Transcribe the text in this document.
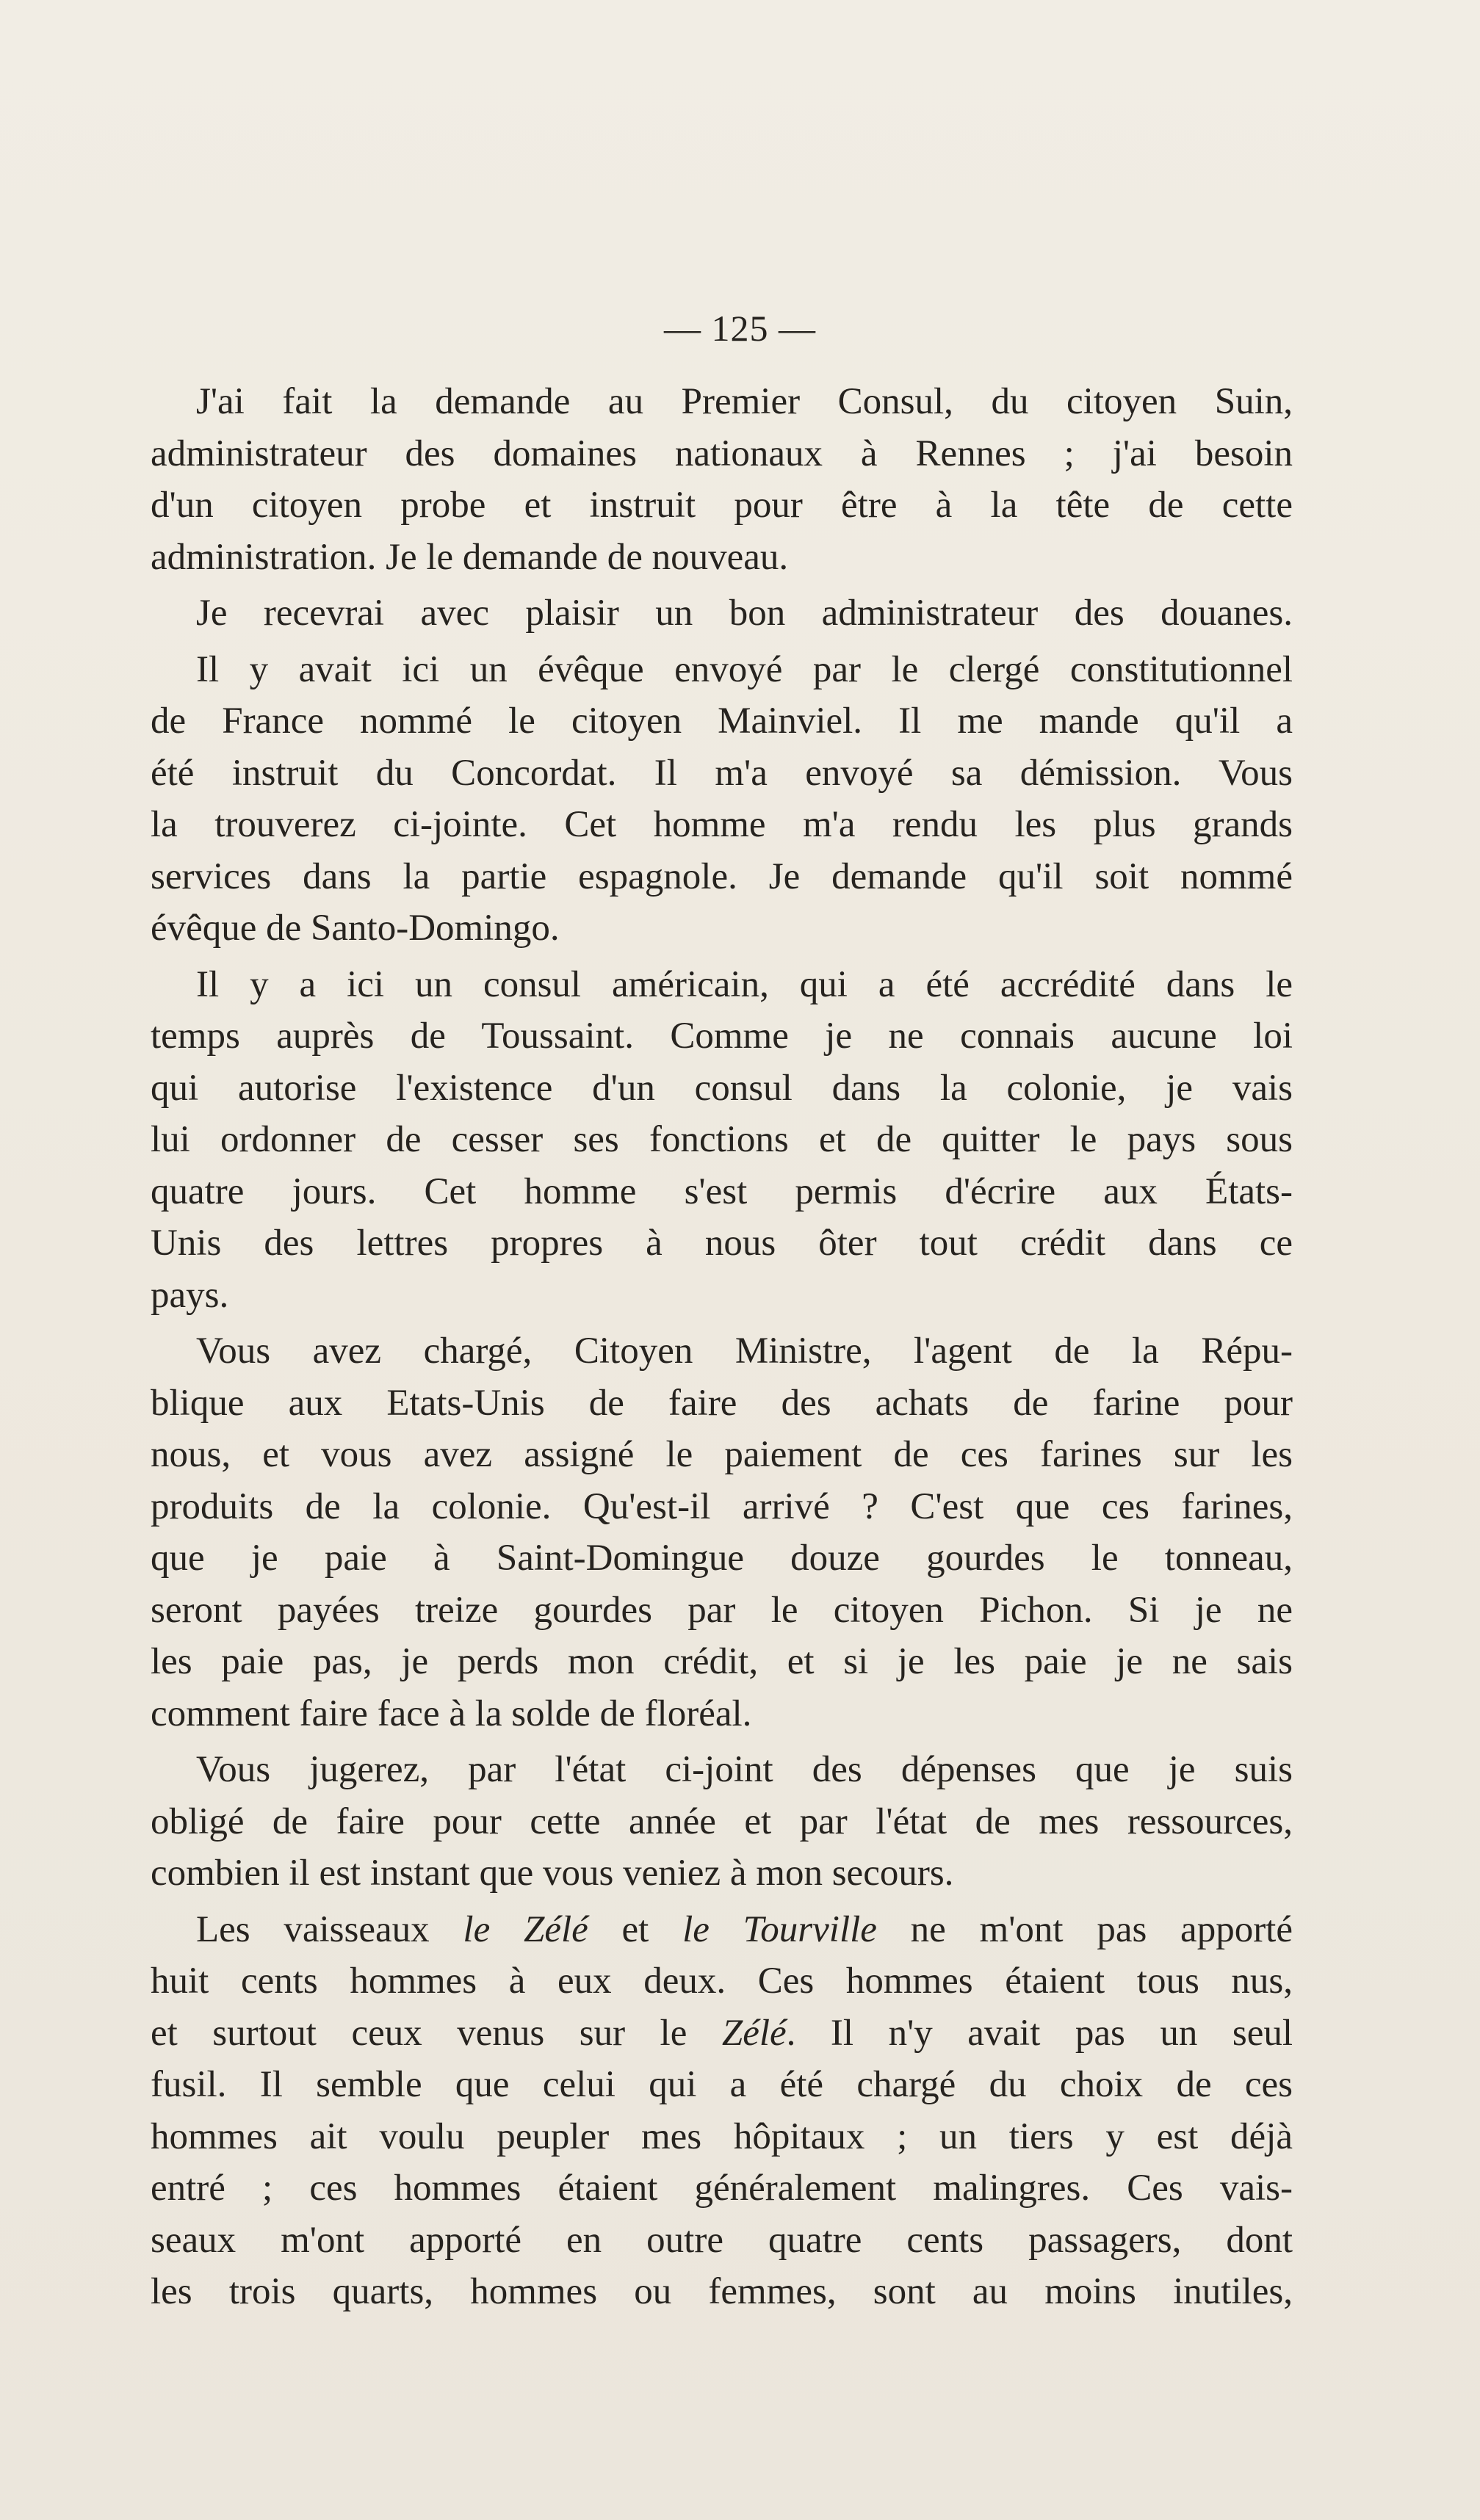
— 125 —
J'ai fait la demande au Premier Consul, du citoyen Suin,
administrateur des domaines nationaux à Rennes ; j'ai besoin
d'un citoyen probe et instruit pour être à la tête de cette
administration. Je le demande de nouveau.
Je recevrai avec plaisir un bon administrateur des douanes.
Il y avait ici un évêque envoyé par le clergé constitutionnel
de France nommé le citoyen Mainviel. Il me mande qu'il a
été instruit du Concordat. Il m'a envoyé sa démission. Vous
la trouverez ci-jointe. Cet homme m'a rendu les plus grands
services dans la partie espagnole. Je demande qu'il soit nommé
évêque de Santo-Domingo.
Il y a ici un consul américain, qui a été accrédité dans le
temps auprès de Toussaint. Comme je ne connais aucune loi
qui autorise l'existence d'un consul dans la colonie, je vais
lui ordonner de cesser ses fonctions et de quitter le pays sous
quatre jours. Cet homme s'est permis d'écrire aux États-
Unis des lettres propres à nous ôter tout crédit dans ce
pays.
Vous avez chargé, Citoyen Ministre, l'agent de la Répu-
blique aux Etats-Unis de faire des achats de farine pour
nous, et vous avez assigné le paiement de ces farines sur les
produits de la colonie. Qu'est-il arrivé ? C'est que ces farines,
que je paie à Saint-Domingue douze gourdes le tonneau,
seront payées treize gourdes par le citoyen Pichon. Si je ne
les paie pas, je perds mon crédit, et si je les paie je ne sais
comment faire face à la solde de floréal.
Vous jugerez, par l'état ci-joint des dépenses que je suis
obligé de faire pour cette année et par l'état de mes ressources,
combien il est instant que vous veniez à mon secours.
Les vaisseaux le Zélé et le Tourville ne m'ont pas apporté
huit cents hommes à eux deux. Ces hommes étaient tous nus,
et surtout ceux venus sur le Zélé. Il n'y avait pas un seul
fusil. Il semble que celui qui a été chargé du choix de ces
hommes ait voulu peupler mes hôpitaux ; un tiers y est déjà
entré ; ces hommes étaient généralement malingres. Ces vais-
seaux m'ont apporté en outre quatre cents passagers, dont
les trois quarts, hommes ou femmes, sont au moins inutiles,
